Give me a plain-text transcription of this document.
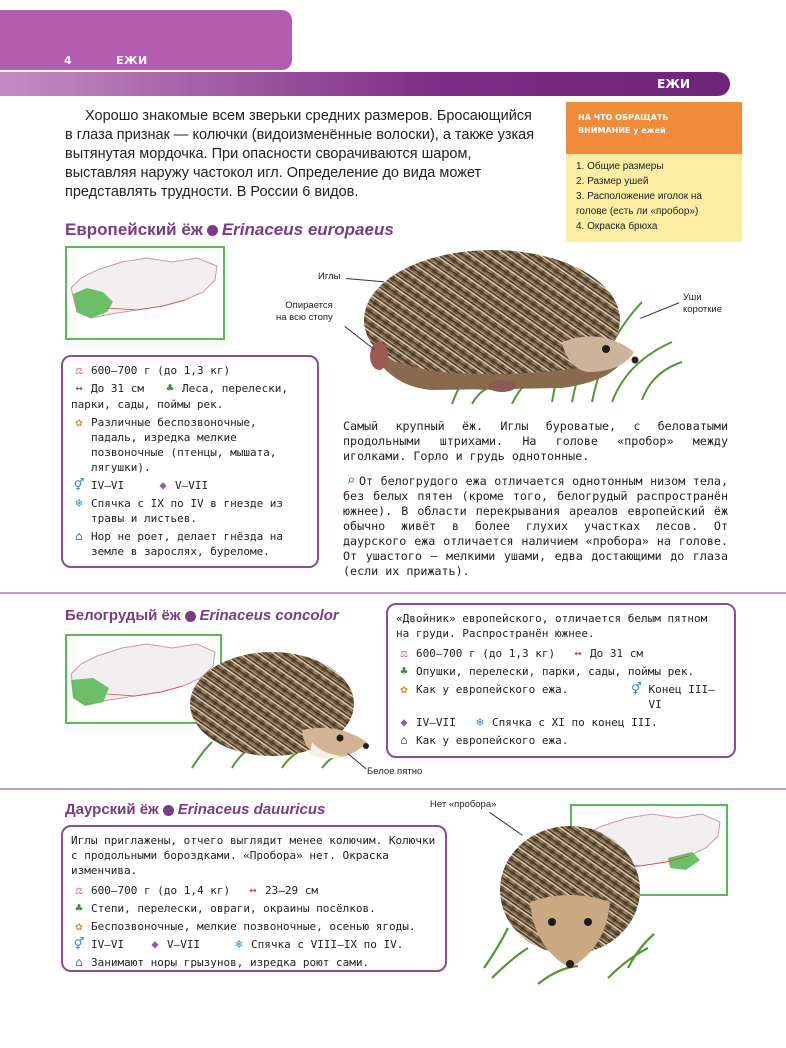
4	ЕЖИ
ЕЖИ

Хорошо знакомые всем зверьки средних размеров. Бросающийся в глаза признак — колючки (видоизменённые волоски), а также узкая вытянутая мордочка. При опасности сворачиваются шаром, выставляя наружу частокол игл. Определение до вида может представлять трудности. В России 6 видов.

НА ЧТО ОБРАЩАТЬ
ВНИМАНИЕ у ежей
1. Общие размеры
2. Размер ушей
3. Расположение иголок на голове (есть ли «пробор»)
4. Окраска брюха
Европейский ёж Erinaceus europaeus
Иглы
Опирается
на всю стопу
Уши
короткие
⚖ 600–700 г (до 1,3 кг)
↔ До 31 см	♣ Леса, перелески,
парки, сады, поймы рек.
✿ Различные беспозвоночные, падаль, изредка мелкие позвоночные (птенцы, мышата, лягушки).
⚥ IV–VI	◆ V–VII
❄ Спячка с IX по IV в гнезде из травы и листьев.
⌂ Нор не роет, делает гнёзда на земле в зарослях, буреломе.

Самый крупный ёж. Иглы буроватые, с беловатыми продольными штрихами. На голове «пробор» между иголками. Горло и грудь однотонные.

⌕ От белогрудого ежа отличается однотонным низом тела, без белых пятен (кроме того, белогрудый распространён южнее). В области перекрывания ареалов европейский ёж обычно живёт в более глухих участках лесов. От даурского ежа отличается наличием «пробора» на голове. От ушастого — мелкими ушами, едва достающими до глаза (если их прижать).
Белогрудый ёж Erinaceus concolor
Белое пятно
«Двойник» европейского, отличается белым пятном на груди. Распространён южнее.
⚖ 600–700 г (до 1,3 кг)	↔ До 31 см
♣ Опушки, перелески, парки, сады, поймы рек.
✿ Как у европейского ежа.	⚥ Конец III–VI
◆ IV–VII	❄ Спячка с XI по конец III.
⌂ Как у европейского ежа.
Даурский ёж Erinaceus dauuricus	Нет «пробора»
Иглы приглажены, отчего выглядит менее колючим. Колючки с продольными бороздками. «Пробора» нет. Окраска изменчива.
⚖ 600–700 г (до 1,4 кг)	↔ 23–29 см
♣ Степи, перелески, овраги, окраины посёлков.
✿ Беспозвоночные, мелкие позвоночные, осенью ягоды.
⚥ IV–VI	◆ V–VII	❄ Спячка с VIII–IX по IV.
⌂ Занимают норы грызунов, изредка роют сами.
